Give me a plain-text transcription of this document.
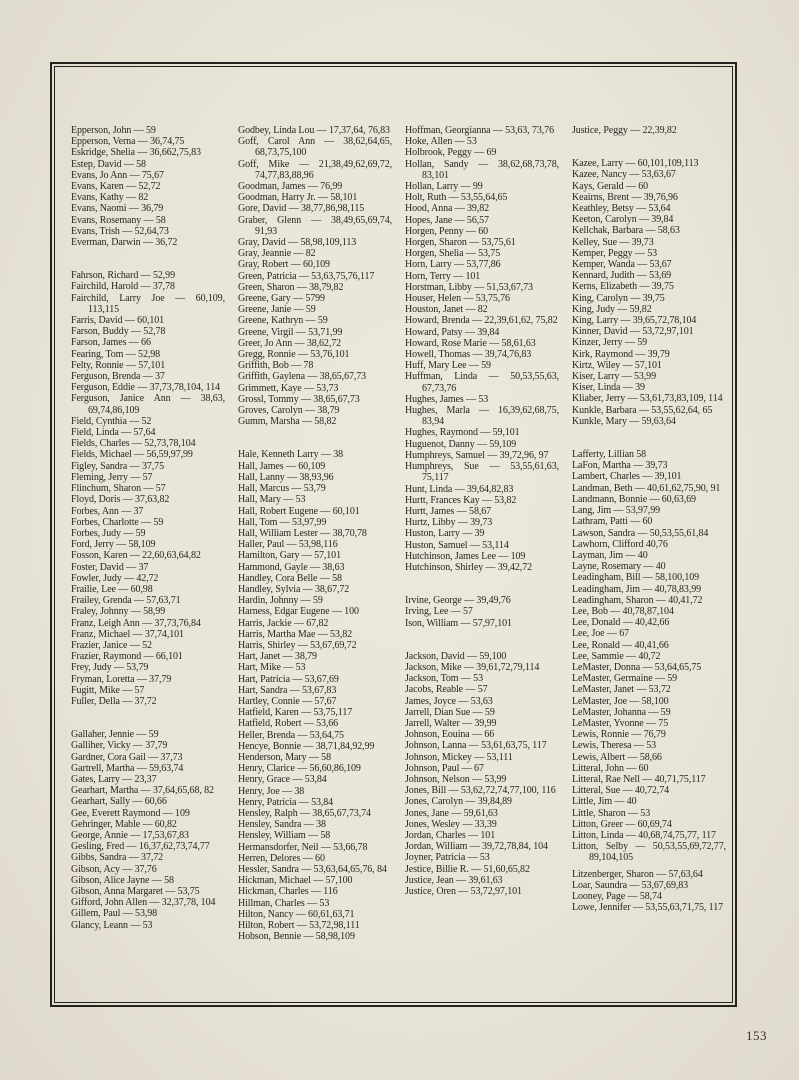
Epperson, John — 59
Epperson, Verna — 36,74,75
Eskridge, Shelia — 36,662,75,83
Estep, David — 58
Evans, Jo Ann — 75,67
Evans, Karen — 52,72
Evans, Kathy — 82
Evans, Naomi — 36,79
Evans, Rosemany — 58
Evans, Trish — 52,64,73
Everman, Darwin — 36,72
Fahrson, Richard — 52,99
Fairchild, Harold — 37,78
Fairchild, Larry Joe — 60,109, 113,115
Farris, David — 60,101
Farson, Buddy — 52,78
Farson, James — 66
Fearing, Tom — 52,98
Felty, Ronnie — 57,101
Ferguson, Brenda — 37
Ferguson, Eddie — 37,73,78,104, 114
Ferguson, Janice Ann — 38,63, 69,74,86,109
Field, Cynthia — 52
Field, Linda — 57,64
Fields, Charles — 52,73,78,104
Fields, Michael — 56,59,97,99
Figley, Sandra — 37,75
Fleming, Jerry — 57
Flinchum, Sharon — 57
Floyd, Doris — 37,63,82
Forbes, Ann — 37
Forbes, Charlotte — 59
Forbes, Judy — 59
Ford, Jerry — 58,109
Fosson, Karen — 22,60,63,64,82
Foster, David — 37
Fowler, Judy — 42,72
Frailie, Lee — 60,98
Frailey, Grenda — 57,63,71
Fraley, Johnny — 58,99
Franz, Leigh Ann — 37,73,76,84
Franz, Michael — 37,74,101
Frazier, Janice — 52
Frazier, Raymond — 66,101
Frey, Judy — 53,79
Fryman, Loretta — 37,79
Fugitt, Mike — 57
Fuller, Della — 37,72
Gallaher, Jennie — 59
Galliher, Vicky — 37,79
Gardner, Cora Gail — 37,73
Gartrell, Martha — 59,63,74
Gates, Larry — 23,37
Gearhart, Martha — 37,64,65,68, 82
Gearhart, Sally — 60,66
Gee, Everett Raymond — 109
Gehringer, Mable — 60,82
George, Annie — 17,53,67,83
Gesling, Fred — 16,37,62,73,74,77
Gibbs, Sandra — 37,72
Gibson, Acy — 37,76
Gibson, Alice Jayne — 58
Gibson, Anna Margaret — 53,75
Gifford, John Allen — 32,37,78, 104
Gillem, Paul — 53,98
Glancy, Leann — 53
Godbey, Linda Lou — 17,37,64, 76,83
Goff, Carol Ann — 38,62,64,65, 68,73,75,100
Goff, Mike — 21,38,49,62,69,72, 74,77,83,88,96
Goodman, James — 76,99
Goodman, Harry Jr. — 58,101
Gore, David — 38,77,86,98,115
Graber, Glenn — 38,49,65,69,74, 91,93
Gray, David — 58,98,109,113
Gray, Jeannie — 82
Gray, Robert — 60,109
Green, Patricia — 53,63,75,76,117
Green, Sharon — 38,79,82
Greene, Gary — 5799
Greene, Janie — 59
Greene, Kathryn — 59
Greene, Virgil — 53,71,99
Greer, Jo Ann — 38,62,72
Gregg, Ronnie — 53,76,101
Griffith, Bob — 78
Griffith, Gaylena — 38,65,67,73
Grimmett, Kaye — 53,73
Grossl, Tommy — 38,65,67,73
Groves, Carolyn — 38,79
Gumm, Marsha — 58,82
Hale, Kenneth Larry — 38
Hall, James — 60,109
Hall, Lanny — 38,93,96
Hall, Marcus — 53,79
Hall, Mary — 53
Hall, Robert Eugene — 60,101
Hall, Tom — 53,97,99
Hall, William Lester — 38,70,78
Haller, Paul — 53,98,116
Hamilton, Gary — 57,101
Hammond, Gayle — 38,63
Handley, Cora Belle — 58
Handley, Sylvia — 38,67,72
Hardin, Johnny — 59
Harness, Edgar Eugene — 100
Harris, Jackie — 67,82
Harris, Martha Mae — 53,82
Harris, Shirley — 53,67,69,72
Hart, Janet — 38,79
Hart, Mike — 53
Hart, Patricia — 53,67,69
Hart, Sandra — 53,67,83
Hartley, Connie — 57,67
Hatfield, Karen — 53,75,117
Hatfield, Robert — 53,66
Heller, Brenda — 53,64,75
Hencye, Bonnie — 38,71,84,92,99
Henderson, Mary — 58
Henry, Clarice — 56,60,86,109
Henry, Grace — 53,84
Henry, Joe — 38
Henry, Patricia — 53,84
Hensley, Ralph — 38,65,67,73,74
Hensley, Sandra — 38
Hensley, William — 58
Hermansdorfer, Neil — 53,66,78
Herren, Delores — 60
Hessler, Sandra — 53,63,64,65,76, 84
Hickman, Michael — 57,100
Hickman, Charles — 116
Hillman, Charles — 53
Hilton, Nancy — 60,61,63,71
Hilton, Robert — 53,72,98,111
Hobson, Bennie — 58,98,109
Hoffman, Georgianna — 53,63, 73,76
Hoke, Allen — 53
Holbrook, Peggy — 69
Hollan, Sandy — 38,62,68,73,78, 83,101
Hollan, Larry — 99
Holt, Ruth — 53,55,64,65
Hood, Anna — 39,82
Hopes, Jane — 56,57
Horgen, Penny — 60
Horgen, Sharon — 53,75,61
Horgen, Shelia — 53,75
Horn, Larry — 53,77,86
Horn, Terry — 101
Horstman, Libby — 51,53,67,73
Houser, Helen — 53,75,76
Houston, Janet — 82
Howard, Brenda — 22,39,61,62, 75,82
Howard, Patsy — 39,84
Howard, Rose Marie — 58,61,63
Howell, Thomas — 39,74,76,83
Huff, Mary Lee — 59
Huffman, Linda — 50,53,55,63, 67,73,76
Hughes, James — 53
Hughes, Marla — 16,39,62,68,75, 83,94
Hughes, Raymond — 59,101
Huguenot, Danny — 59,109
Humphreys, Samuel — 39,72,96, 97
Humphreys, Sue — 53,55,61,63, 75,117
Hunt, Linda — 39,64,82,83
Hurtt, Frances Kay — 53,82
Hurtt, James — 58,67
Hurtz, Libby — 39,73
Huston, Larry — 39
Huston, Samuel — 53,114
Hutchinson, James Lee — 109
Hutchinson, Shirley — 39,42,72
Irvine, George — 39,49,76
Irving, Lee — 57
Ison, William — 57,97,101
Jackson, David — 59,100
Jackson, Mike — 39,61,72,79,114
Jackson, Tom — 53
Jacobs, Reable — 57
James, Joyce — 53,63
Jarrell, Dian Sue — 59
Jarrell, Walter — 39,99
Johnson, Eouina — 66
Johnson, Lanna — 53,61,63,75, 117
Johnson, Mickey — 53,111
Johnson, Paul — 67
Johnson, Nelson — 53,99
Jones, Bill — 53,62,72,74,77,100, 116
Jones, Carolyn — 39,84,89
Jones, Jane — 59,61,63
Jones, Wesley — 33,39
Jordan, Charles — 101
Jordan, William — 39,72,78,84, 104
Joyner, Patricia — 53
Jestice, Billie R. — 51,60,65,82
Justice, Jean — 39,61,63
Justice, Oren — 53,72,97,101
Justice, Peggy — 22,39,82
Kazee, Larry — 60,101,109,113
Kazee, Nancy — 53,63,67
Kays, Gerald — 60
Keairns, Brent — 39,76,96
Keathley, Betsy — 53,64
Keeton, Carolyn — 39,84
Kellchak, Barbara — 58,63
Kelley, Sue — 39,73
Kemper, Peggy — 53
Kemper, Wanda — 53,67
Kennard, Judith — 53,69
Kerns, Elizabeth — 39,75
King, Carolyn — 39,75
King, Judy — 59,82
King, Larry — 39,65,72,78,104
Kinner, David — 53,72,97,101
Kinzer, Jerry — 59
Kirk, Raymond — 39,79
Kirtz, Wiley — 57,101
Kiser, Larry — 53,99
Kiser, Linda — 39
Kliaber, Jerry — 53,61,73,83,109, 114
Kunkle, Barbara — 53,55,62,64, 65
Kunkle, Mary — 59,63,64
Lafferty, Lillian 58
LaFon, Martha — 39,73
Lambert, Charles — 39,101
Landman, Beth — 40,61,62,75,90, 91
Landmann, Bonnie — 60,63,69
Lang, Jim — 53,97,99
Lathram, Patti — 60
Lawson, Sandra — 50,53,55,61,84
Lawhorn, Clifford 40,76
Layman, Jim — 40
Layne, Rosemary — 40
Leadingham, Bill — 58,100,109
Leadingham, Jim — 40,78,83,99
Leadingham, Sharon — 40,41,72
Lee, Bob — 40,78,87,104
Lee, Donald — 40,42,66
Lee, Joe — 67
Lee, Ronald — 40,41,66
Lee, Sammie — 40,72
LeMaster, Donna — 53,64,65,75
LeMaster, Germaine — 59
LeMaster, Janet — 53,72
LeMaster, Joe — 58,100
LeMaster, Johanna — 59
LeMaster, Yvonne — 75
Lewis, Ronnie — 76,79
Lewis, Theresa — 53
Lewis, Albert — 58,66
Litteral, John — 60
Litteral, Rae Nell — 40,71,75,117
Litteral, Sue — 40,72,74
Little, Jim — 40
Little, Sharon — 53
Litton, Greer — 60,69,74
Litton, Linda — 40,68,74,75,77, 117
Litton, Selby — 50,53,55,69,72,77, 89,104,105
Litzenberger, Sharon — 57,63,64
Loar, Saundra — 53,67,69,83
Looney, Page — 58,74
Lowe, Jennifer — 53,55,63,71,75, 117
153
